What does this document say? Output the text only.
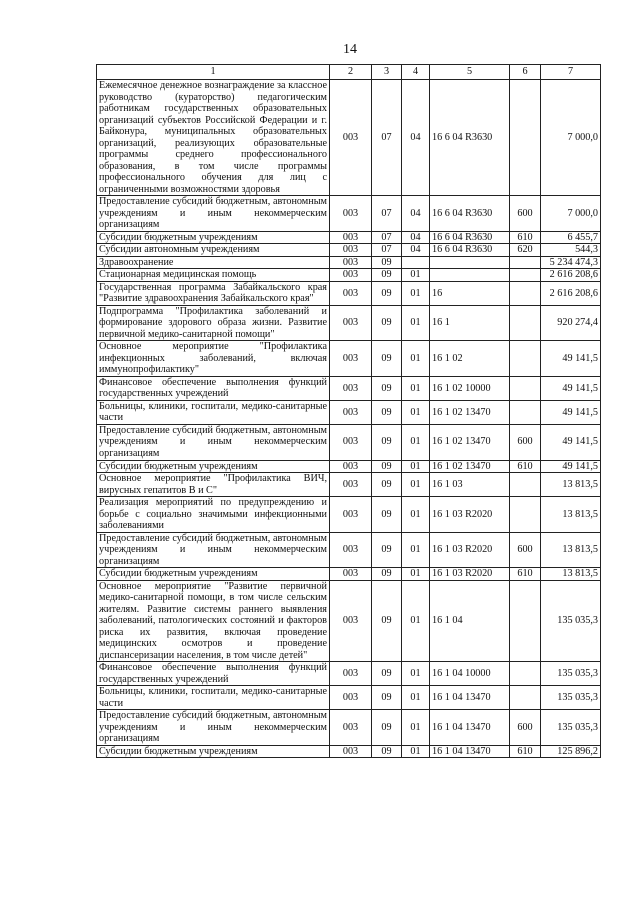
14
1	2	3	4	5	6	7
Ежемесячное денежное вознаграждение за классное руководство (кураторство) педагогическим работникам государственных образовательных организаций субъектов Российской Федерации и г. Байконура, муниципальных образовательных организаций, реализующих образовательные программы среднего профессионального образования, в том числе программы профессионального обучения для лиц с ограниченными возможностями здоровья	003	07	04	16 6 04 R3630		7 000,0
Предоставление субсидий бюджетным, автономным учреждениям и иным некоммерческим организациям	003	07	04	16 6 04 R3630	600	7 000,0
Субсидии бюджетным учреждениям	003	07	04	16 6 04 R3630	610	6 455,7
Субсидии автономным учреждениям	003	07	04	16 6 04 R3630	620	544,3
Здравоохранение	003	09				5 234 474,3
Стационарная медицинская помощь	003	09	01			2 616 208,6
Государственная программа Забайкальского края "Развитие здравоохранения Забайкальского края"	003	09	01	16		2 616 208,6
Подпрограмма "Профилактика заболеваний и формирование здорового образа жизни. Развитие первичной медико-санитарной помощи"	003	09	01	16 1		920 274,4
Основное мероприятие "Профилактика инфекционных заболеваний, включая иммунопрофилактику"	003	09	01	16 1 02		49 141,5
Финансовое обеспечение выполнения функций государственных учреждений	003	09	01	16 1 02 10000		49 141,5
Больницы, клиники, госпитали, медико-санитарные части	003	09	01	16 1 02 13470		49 141,5
Предоставление субсидий бюджетным, автономным учреждениям и иным некоммерческим организациям	003	09	01	16 1 02 13470	600	49 141,5
Субсидии бюджетным учреждениям	003	09	01	16 1 02 13470	610	49 141,5
Основное мероприятие "Профилактика ВИЧ, вирусных гепатитов В и С"	003	09	01	16 1 03		13 813,5
Реализация мероприятий по предупреждению и борьбе с социально значимыми инфекционными заболеваниями	003	09	01	16 1 03 R2020		13 813,5
Предоставление субсидий бюджетным, автономным учреждениям и иным некоммерческим организациям	003	09	01	16 1 03 R2020	600	13 813,5
Субсидии бюджетным учреждениям	003	09	01	16 1 03 R2020	610	13 813,5
Основное мероприятие "Развитие первичной медико-санитарной помощи, в том числе сельским жителям. Развитие системы раннего выявления заболеваний, патологических состояний и факторов риска их развития, включая проведение медицинских осмотров и проведение диспансеризации населения, в том числе детей"	003	09	01	16 1 04		135 035,3
Финансовое обеспечение выполнения функций государственных учреждений	003	09	01	16 1 04 10000		135 035,3
Больницы, клиники, госпитали, медико-санитарные части	003	09	01	16 1 04 13470		135 035,3
Предоставление субсидий бюджетным, автономным учреждениям и иным некоммерческим организациям	003	09	01	16 1 04 13470	600	135 035,3
Субсидии бюджетным учреждениям	003	09	01	16 1 04 13470	610	125 896,2
